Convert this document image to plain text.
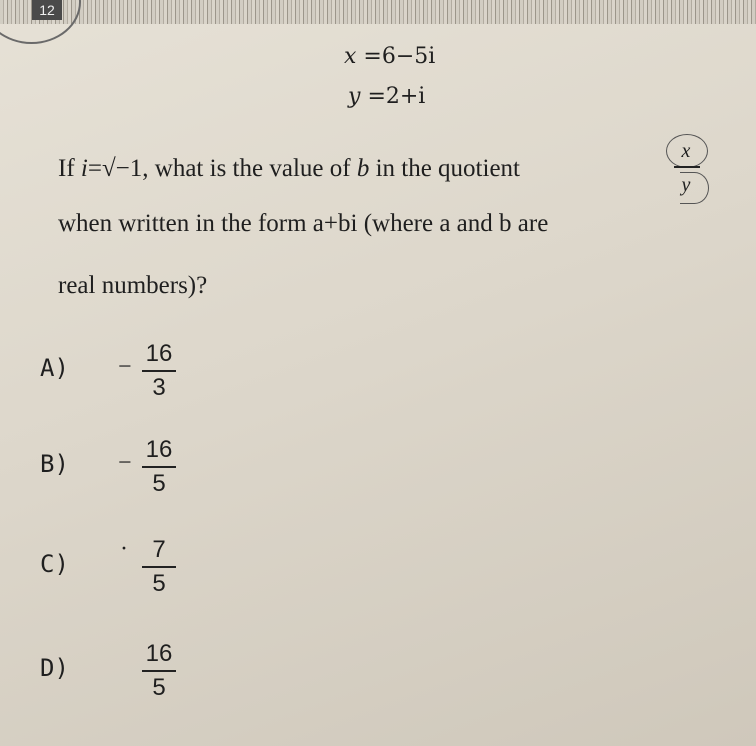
12
x =6−5i
y =2+i
If i=√−1, what is the value of b in the quotient
x
y
when written in the form a+bi (where a and b are
real numbers)?
A) − 16
3
B) − 16
5
C)
·	7
5
D)
16
5
